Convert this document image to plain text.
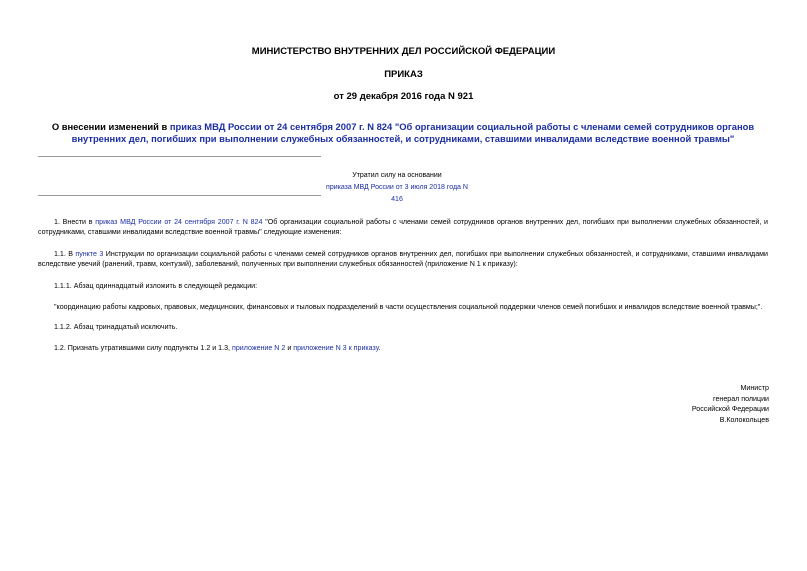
МИНИСТЕРСТВО ВНУТРЕННИХ ДЕЛ РОССИЙСКОЙ ФЕДЕРАЦИИ
ПРИКАЗ
от 29 декабря 2016 года N 921
О внесении изменений в приказ МВД России от 24 сентября 2007 г. N 824 "Об организации социальной работы с членами семей сотрудников органов внутренних дел, погибших при выполнении служебных обязанностей, и сотрудниками, ставшими инвалидами вследствие военной травмы"
Утратил силу на основании
приказа МВД России от 3 июля 2018 года N 416
1. Внести в приказ МВД России от 24 сентября 2007 г. N 824 "Об организации социальной работы с членами семей сотрудников органов внутренних дел, погибших при выполнении служебных обязанностей, и сотрудниками, ставшими инвалидами вследствие военной травмы" следующие изменения:
1.1. В пункте 3 Инструкции по организации социальной работы с членами семей сотрудников органов внутренних дел, погибших при выполнении служебных обязанностей, и сотрудниками, ставшими инвалидами вследствие увечий (ранений, травм, контузий), заболеваний, полученных при выполнении служебных обязанностей (приложение N 1 к приказу):
1.1.1. Абзац одиннадцатый изложить в следующей редакции:
"координацию работы кадровых, правовых, медицинских, финансовых и тыловых подразделений в части осуществления социальной поддержки членов семей погибших и инвалидов вследствие военной травмы;".
1.1.2. Абзац тринадцатый исключить.
1.2. Признать утратившими силу подпункты 1.2 и 1.3, приложение N 2 и приложение N 3 к приказу.
Министр
генерал полиции
Российской Федерации
В.Колокольцев
